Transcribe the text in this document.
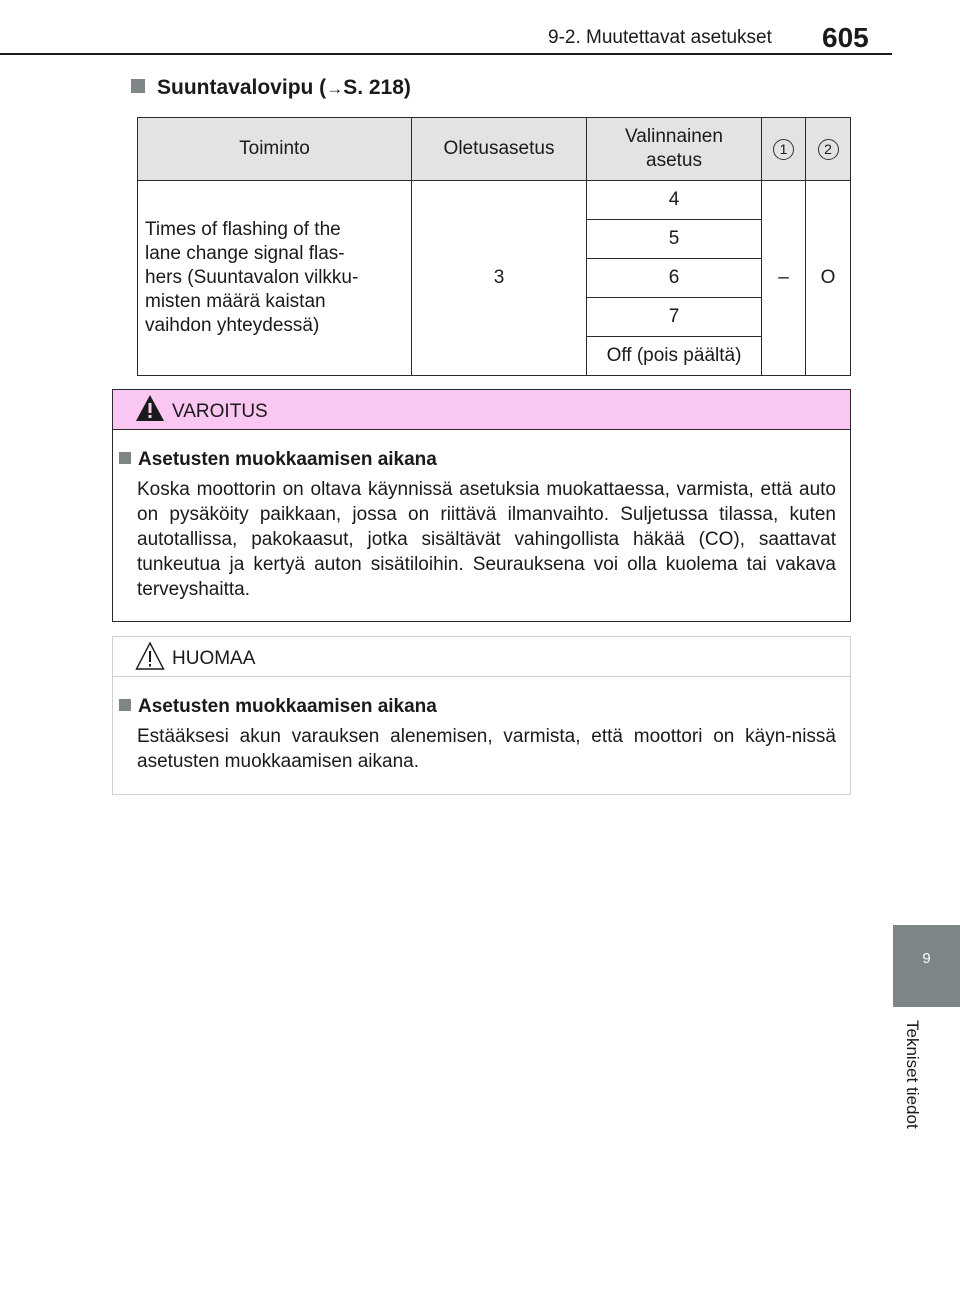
9-2. Muutettavat asetukset 605
9
Tekniset tiedot
Suuntavalovipu (→S. 218)
Toiminto	Oletusasetus	Valinnainen asetus	1	2

Times of flashing of the
lane change signal flas-
hers (Suuntavalon vilkku-
misten määrä kaistan
vaihdon yhteydessä)	3	4	–	O
		5		
		6		
		7		
		Off (pois päältä)		
VAROITUS
Asetusten muokkaamisen aikana
Koska moottorin on oltava käynnissä asetuksia muokattaessa, varmista, että auto on pysäköity paikkaan, jossa on riittävä ilmanvaihto. Suljetussa tilassa, kuten autotallissa, pakokaasut, jotka sisältävät vahingollista häkää (CO), saattavat tunkeutua ja kertyä auton sisätiloihin. Seurauksena voi olla kuolema tai vakava terveyshaitta.
HUOMAA
Asetusten muokkaamisen aikana
Estääksesi akun varauksen alenemisen, varmista, että moottori on käyn-nissä asetusten muokkaamisen aikana.
